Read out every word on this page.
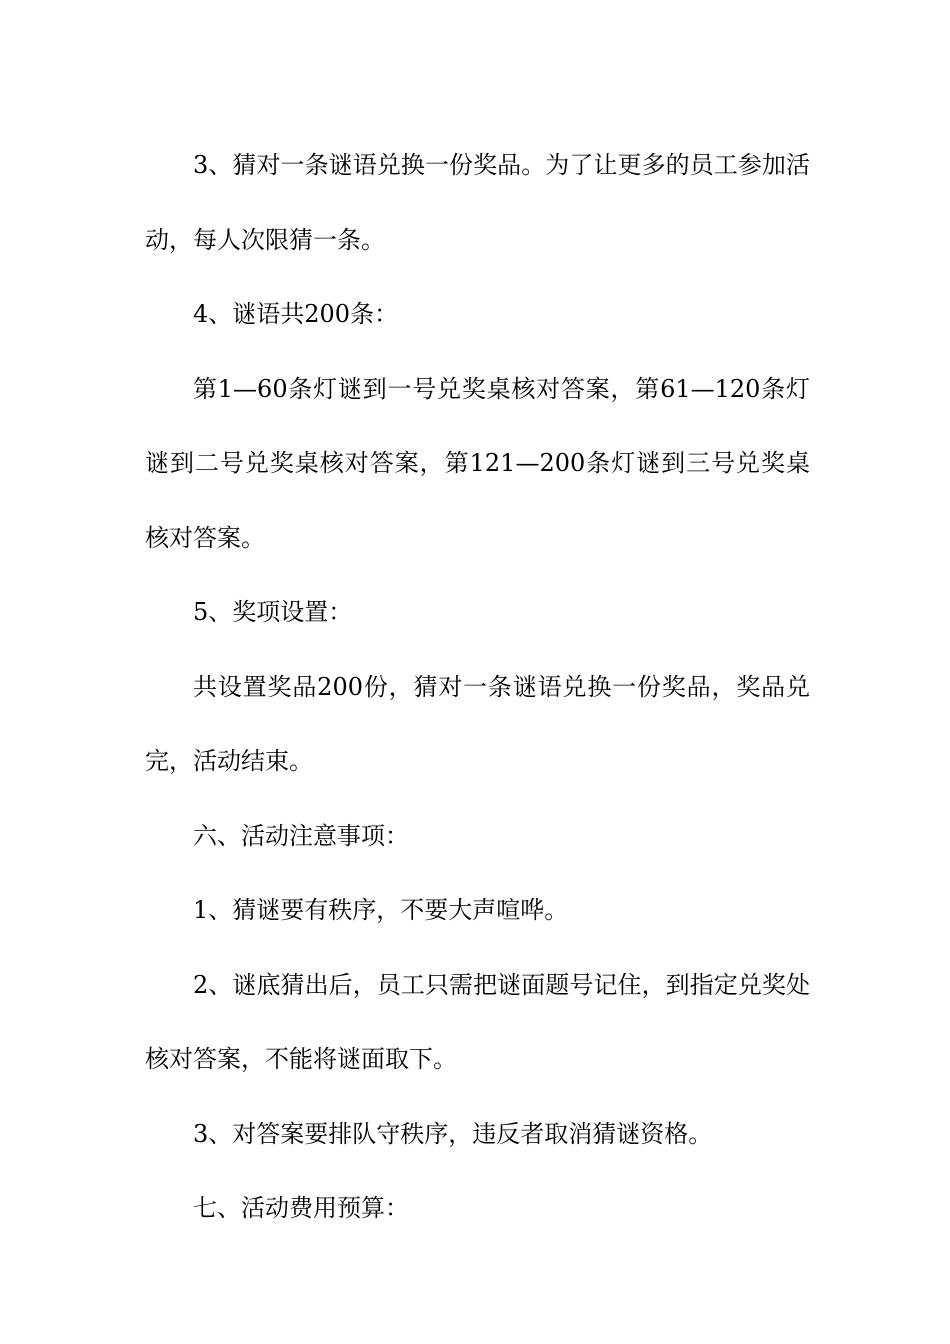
3、猜对一条谜语兑换一份奖品。为了让更多的员工参加活动，每人次限猜一条。

4、谜语共200条：

第1—60条灯谜到一号兑奖桌核对答案，第61—120条灯谜到二号兑奖桌核对答案，第121—200条灯谜到三号兑奖桌核对答案。

5、奖项设置：

共设置奖品200份，猜对一条谜语兑换一份奖品，奖品兑完，活动结束。

六、活动注意事项：

1、猜谜要有秩序，不要大声喧哗。

2、谜底猜出后，员工只需把谜面题号记住，到指定兑奖处核对答案，不能将谜面取下。

3、对答案要排队守秩序，违反者取消猜谜资格。

七、活动费用预算：
